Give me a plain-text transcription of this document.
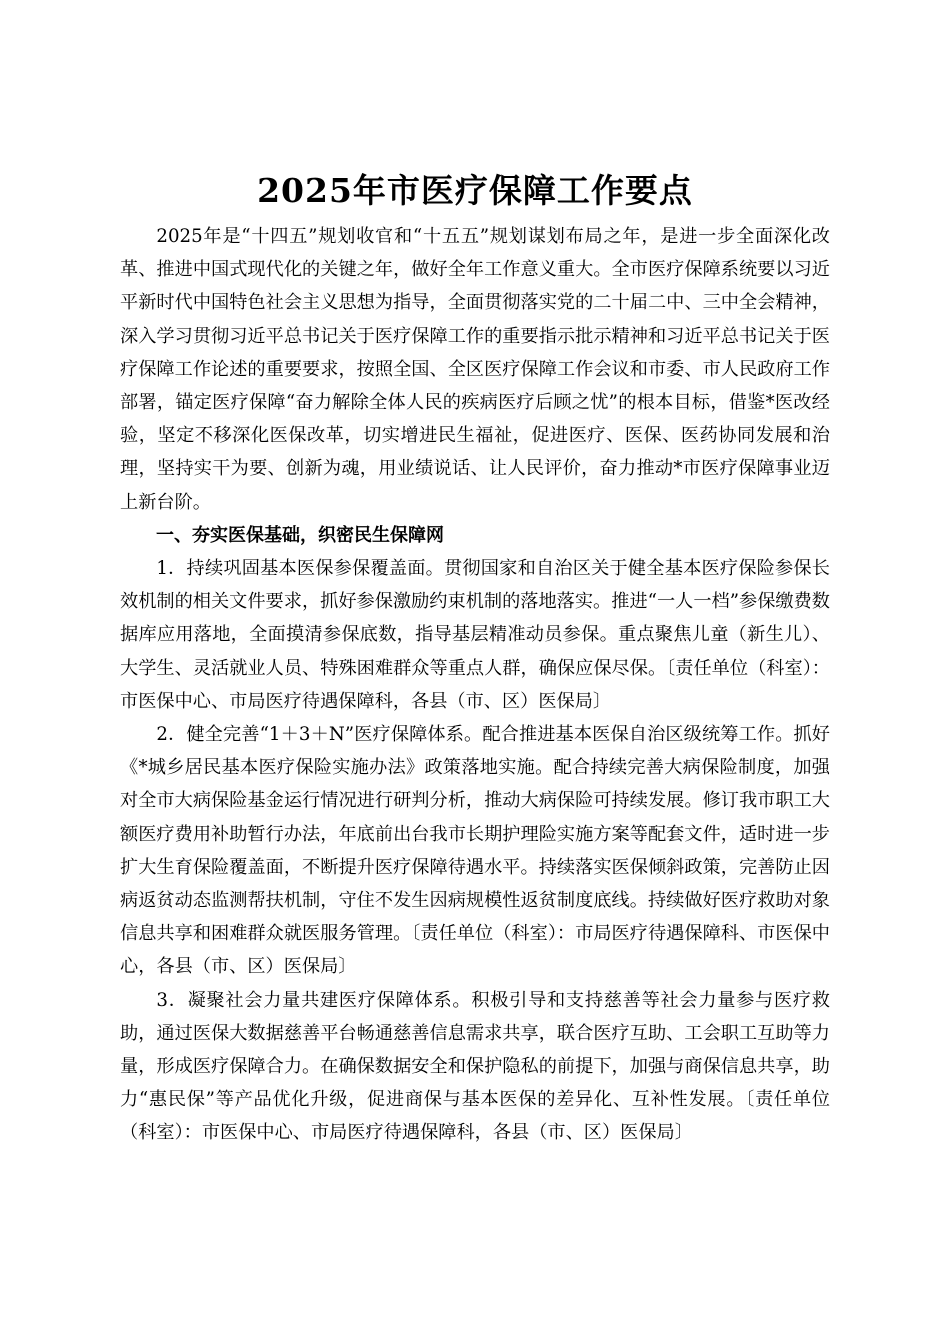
2025年市医疗保障工作要点

2025年是“十四五”规划收官和“十五五”规划谋划布局之年，是进一步全面深化改革、推进中国式现代化的关键之年，做好全年工作意义重大。全市医疗保障系统要以习近平新时代中国特色社会主义思想为指导，全面贯彻落实党的二十届二中、三中全会精神，深入学习贯彻习近平总书记关于医疗保障工作的重要指示批示精神和习近平总书记关于医疗保障工作论述的重要要求，按照全国、全区医疗保障工作会议和市委、市人民政府工作部署，锚定医疗保障“奋力解除全体人民的疾病医疗后顾之忧”的根本目标，借鉴*医改经验，坚定不移深化医保改革，切实增进民生福祉，促进医疗、医保、医药协同发展和治理，坚持实干为要、创新为魂，用业绩说话、让人民评价，奋力推动*市医疗保障事业迈上新台阶。

一、夯实医保基础，织密民生保障网

1．持续巩固基本医保参保覆盖面。贯彻国家和自治区关于健全基本医疗保险参保长效机制的相关文件要求，抓好参保激励约束机制的落地落实。推进“一人一档”参保缴费数据库应用落地，全面摸清参保底数，指导基层精准动员参保。重点聚焦儿童（新生儿）、大学生、灵活就业人员、特殊困难群众等重点人群，确保应保尽保。〔责任单位（科室）：市医保中心、市局医疗待遇保障科，各县（市、区）医保局〕

2．健全完善“1＋3＋N”医疗保障体系。配合推进基本医保自治区级统筹工作。抓好《*城乡居民基本医疗保险实施办法》政策落地实施。配合持续完善大病保险制度，加强对全市大病保险基金运行情况进行研判分析，推动大病保险可持续发展。修订我市职工大额医疗费用补助暂行办法，年底前出台我市长期护理险实施方案等配套文件，适时进一步扩大生育保险覆盖面，不断提升医疗保障待遇水平。持续落实医保倾斜政策，完善防止因病返贫动态监测帮扶机制，守住不发生因病规模性返贫制度底线。持续做好医疗救助对象信息共享和困难群众就医服务管理。〔责任单位（科室）：市局医疗待遇保障科、市医保中心，各县（市、区）医保局〕

3．凝聚社会力量共建医疗保障体系。积极引导和支持慈善等社会力量参与医疗救助，通过医保大数据慈善平台畅通慈善信息需求共享，联合医疗互助、工会职工互助等力量，形成医疗保障合力。在确保数据安全和保护隐私的前提下，加强与商保信息共享，助力“惠民保”等产品优化升级，促进商保与基本医保的差异化、互补性发展。〔责任单位（科室）：市医保中心、市局医疗待遇保障科，各县（市、区）医保局〕
